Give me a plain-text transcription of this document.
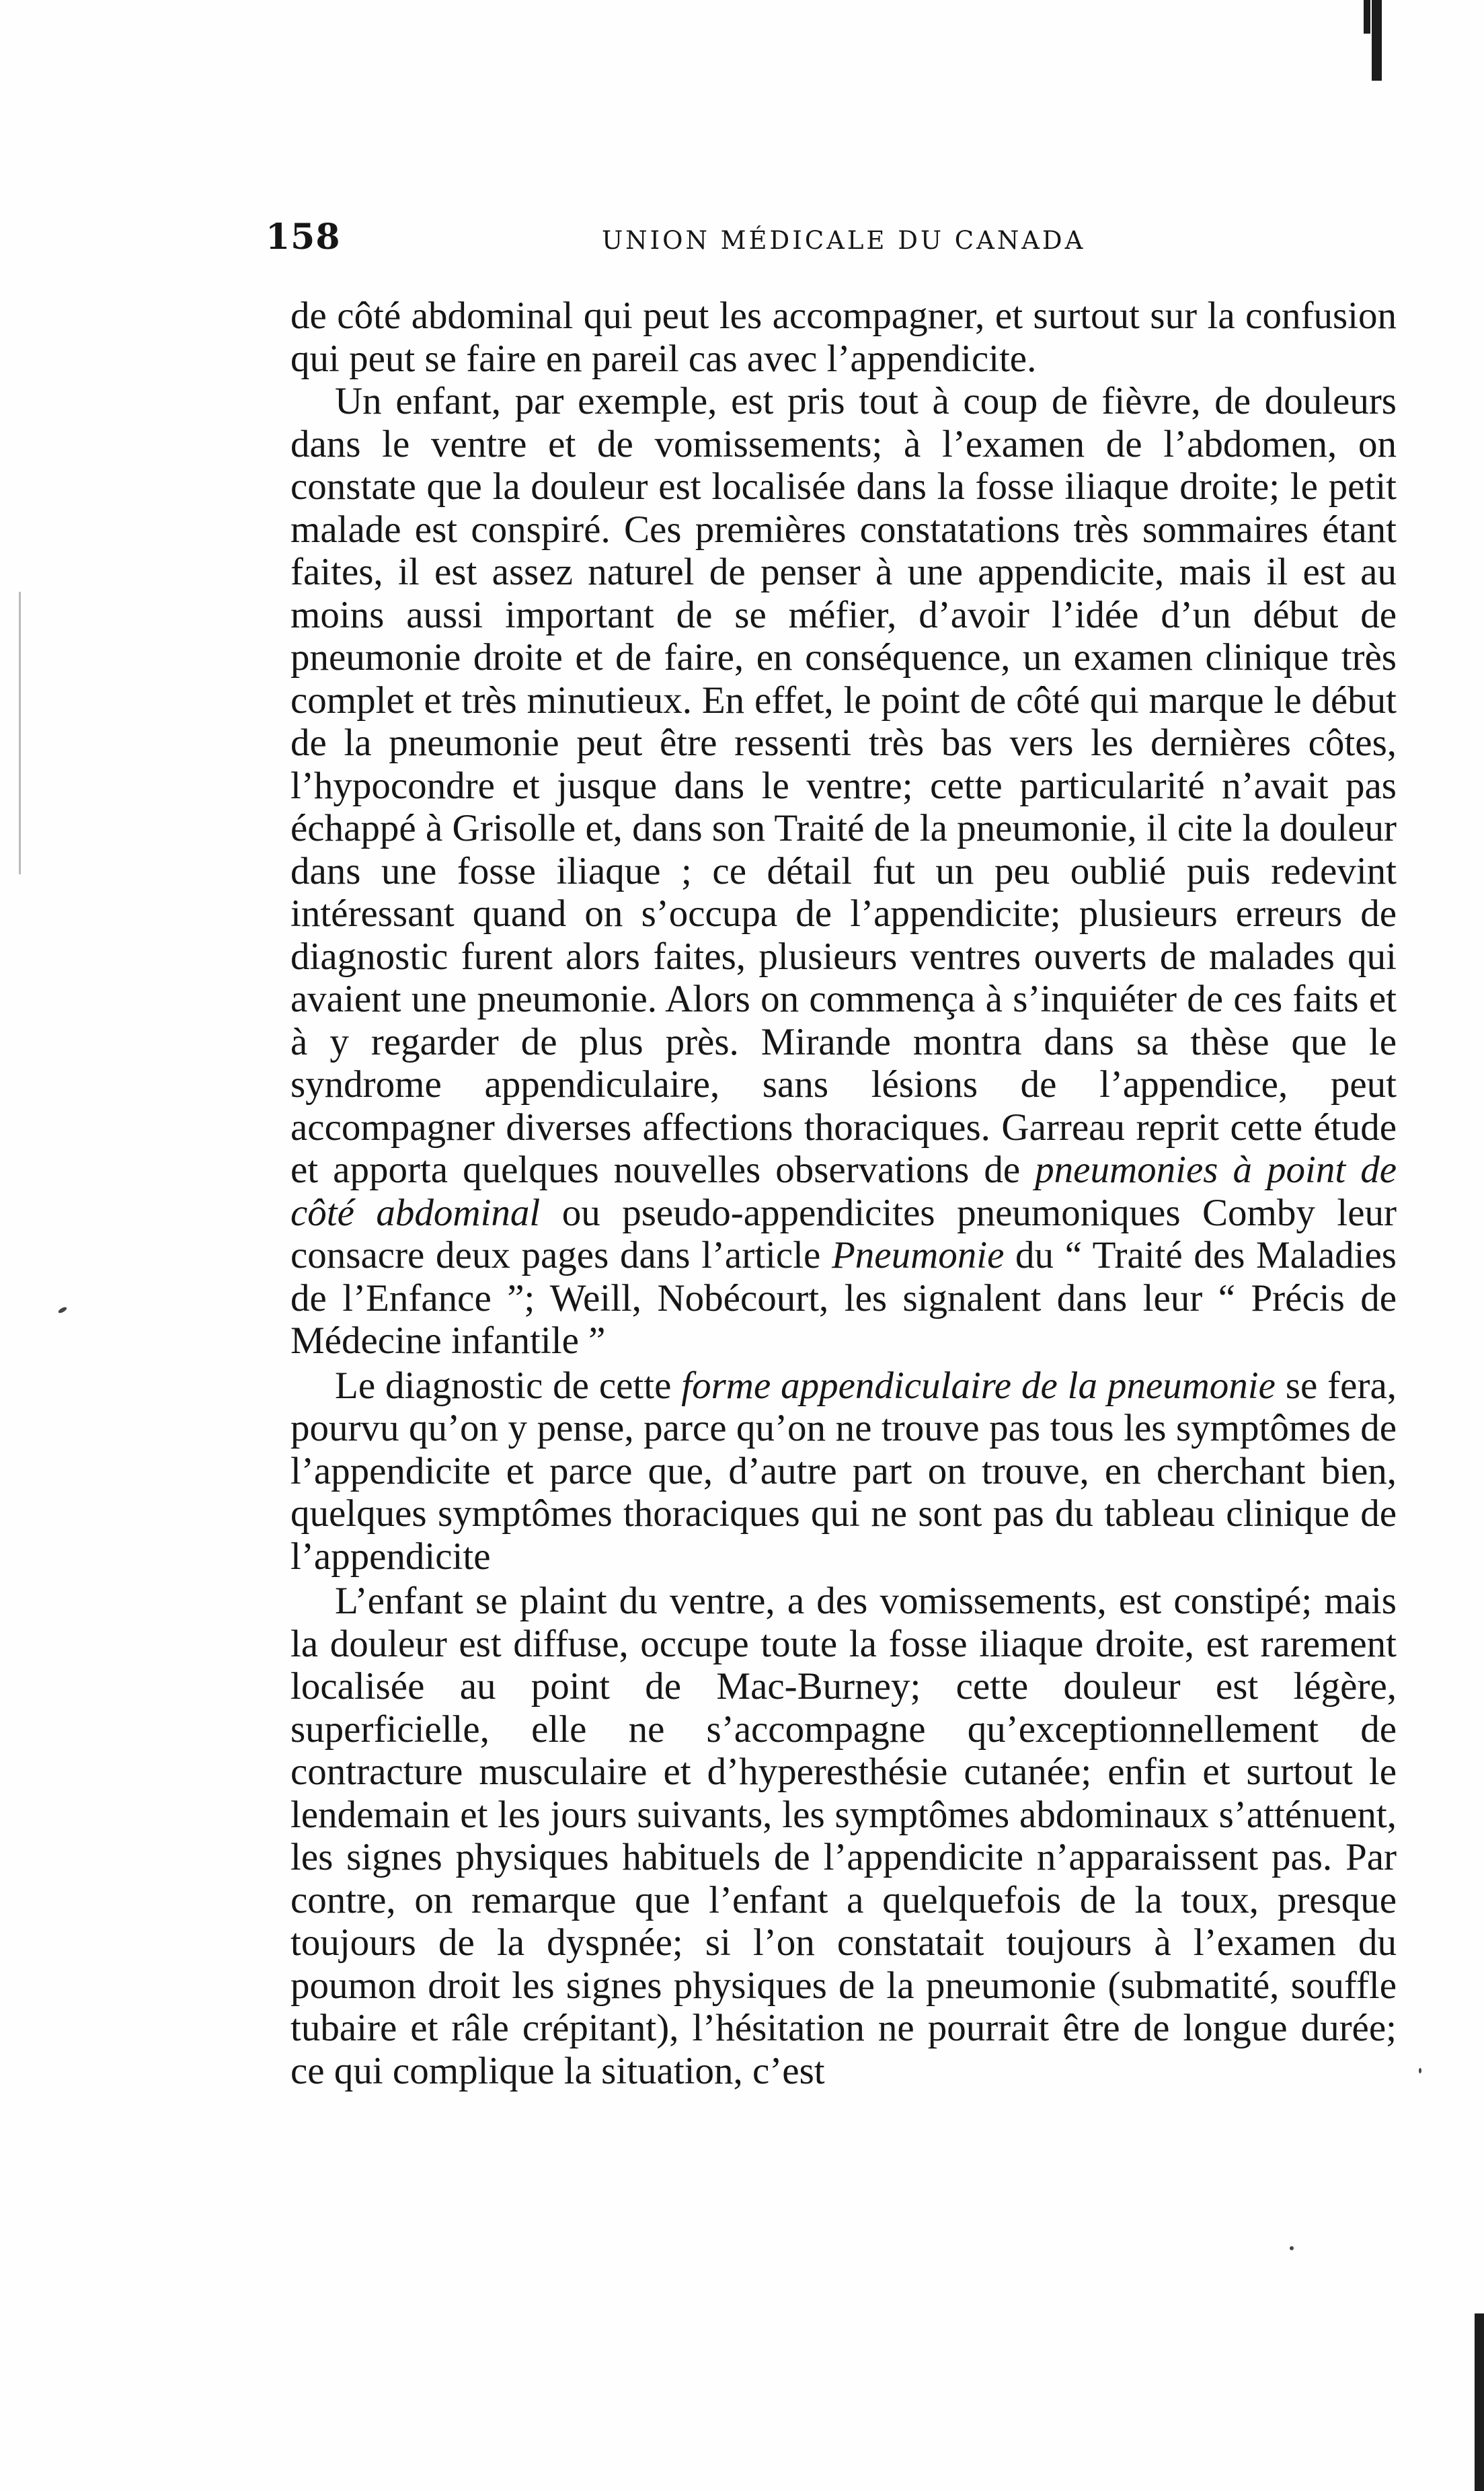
158	UNION MÉDICALE DU CANADA

de côté abdominal qui peut les accompagner, et surtout sur la confusion qui peut se faire en pareil cas avec l’appendicite.

Un enfant, par exemple, est pris tout à coup de fièvre, de douleurs dans le ventre et de vomissements; à l’examen de l’abdomen, on constate que la douleur est localisée dans la fosse iliaque droite; le petit malade est conspiré. Ces premières constatations très sommaires étant faites, il est assez naturel de penser à une appendicite, mais il est au moins aussi important de se méfier, d’avoir l’idée d’un début de pneumonie droite et de faire, en conséquence, un examen clinique très complet et très minutieux. En effet, le point de côté qui marque le début de la pneumonie peut être ressenti très bas vers les dernières côtes, l’hypocondre et jusque dans le ventre; cette particularité n’avait pas échappé à Grisolle et, dans son Traité de la pneumonie, il cite la douleur dans une fosse iliaque ; ce détail fut un peu oublié puis redevint intéressant quand on s’occupa de l’appendicite; plusieurs erreurs de diagnostic furent alors faites, plusieurs ventres ouverts de malades qui avaient une pneumonie. Alors on commença à s’inquiéter de ces faits et à y regarder de plus près. Mirande montra dans sa thèse que le syndrome appendiculaire, sans lésions de l’appendice, peut accompagner diverses affections thoraciques. Garreau reprit cette étude et apporta quelques nouvelles observations de pneumonies à point de côté abdominal ou pseudo-appendicites pneumoniques Comby leur consacre deux pages dans l’article Pneumonie du “ Traité des Maladies de l’Enfance ”; Weill, Nobécourt, les signalent dans leur “ Précis de Médecine infantile ”

Le diagnostic de cette forme appendiculaire de la pneumonie se fera, pourvu qu’on y pense, parce qu’on ne trouve pas tous les symptômes de l’appendicite et parce que, d’autre part on trouve, en cherchant bien, quelques symptômes thoraciques qui ne sont pas du tableau clinique de l’appendicite

L’enfant se plaint du ventre, a des vomissements, est constipé; mais la douleur est diffuse, occupe toute la fosse iliaque droite, est rarement localisée au point de Mac-Burney; cette douleur est légère, superficielle, elle ne s’accompagne qu’exceptionnellement de contracture musculaire et d’hyperesthésie cutanée; enfin et surtout le lendemain et les jours suivants, les symptômes abdominaux s’atténuent, les signes physiques habituels de l’appendicite n’apparaissent pas. Par contre, on remarque que l’enfant a quelquefois de la toux, presque toujours de la dyspnée; si l’on constatait toujours à l’examen du poumon droit les signes physiques de la pneumonie (submatité, souffle tubaire et râle crépitant), l’hésitation ne pourrait être de longue durée; ce qui complique la situation, c’est
